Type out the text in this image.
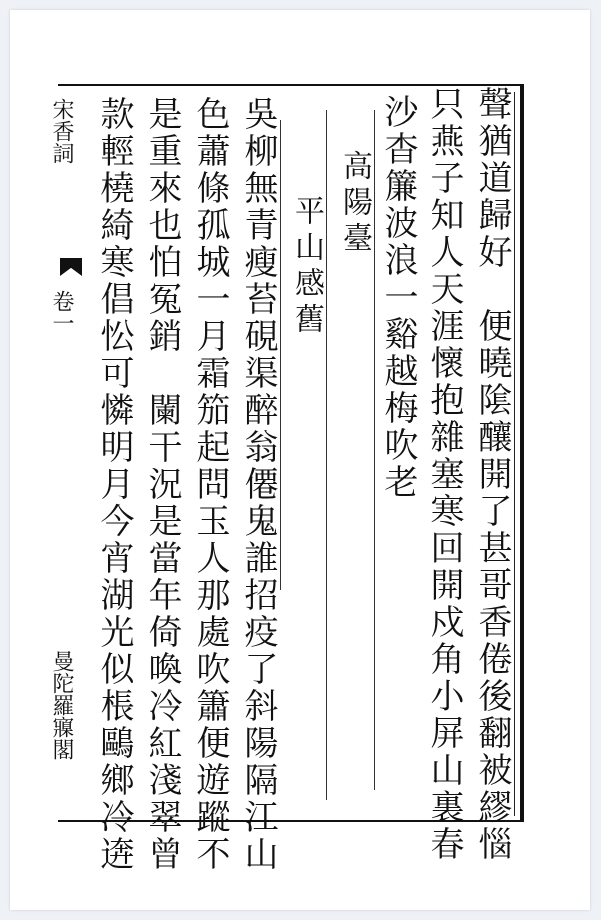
聲猶道歸好　便曉隂釀開了甚哥香倦後翻被繆惱
只燕子知人天涯懷抱雜塞寒回開戍角小屏山裏春
沙杳簾波浪一谿越梅吹老
高陽臺
平山感舊
吳柳無青瘦苔硯渠醉翁僊鬼誰招疫了斜陽隔江山
色蕭條孤城一月霜笳起問玉人那處吹簫便遊蹤不
是重來也怕冤銷　闌干況是當年倚喚冷紅淺翠曾
款輕橈綺寒倡忪可憐明月今宵湖光似棖鷗鄉冷逩
宋香詞
卷一
曼陀羅寱閣
